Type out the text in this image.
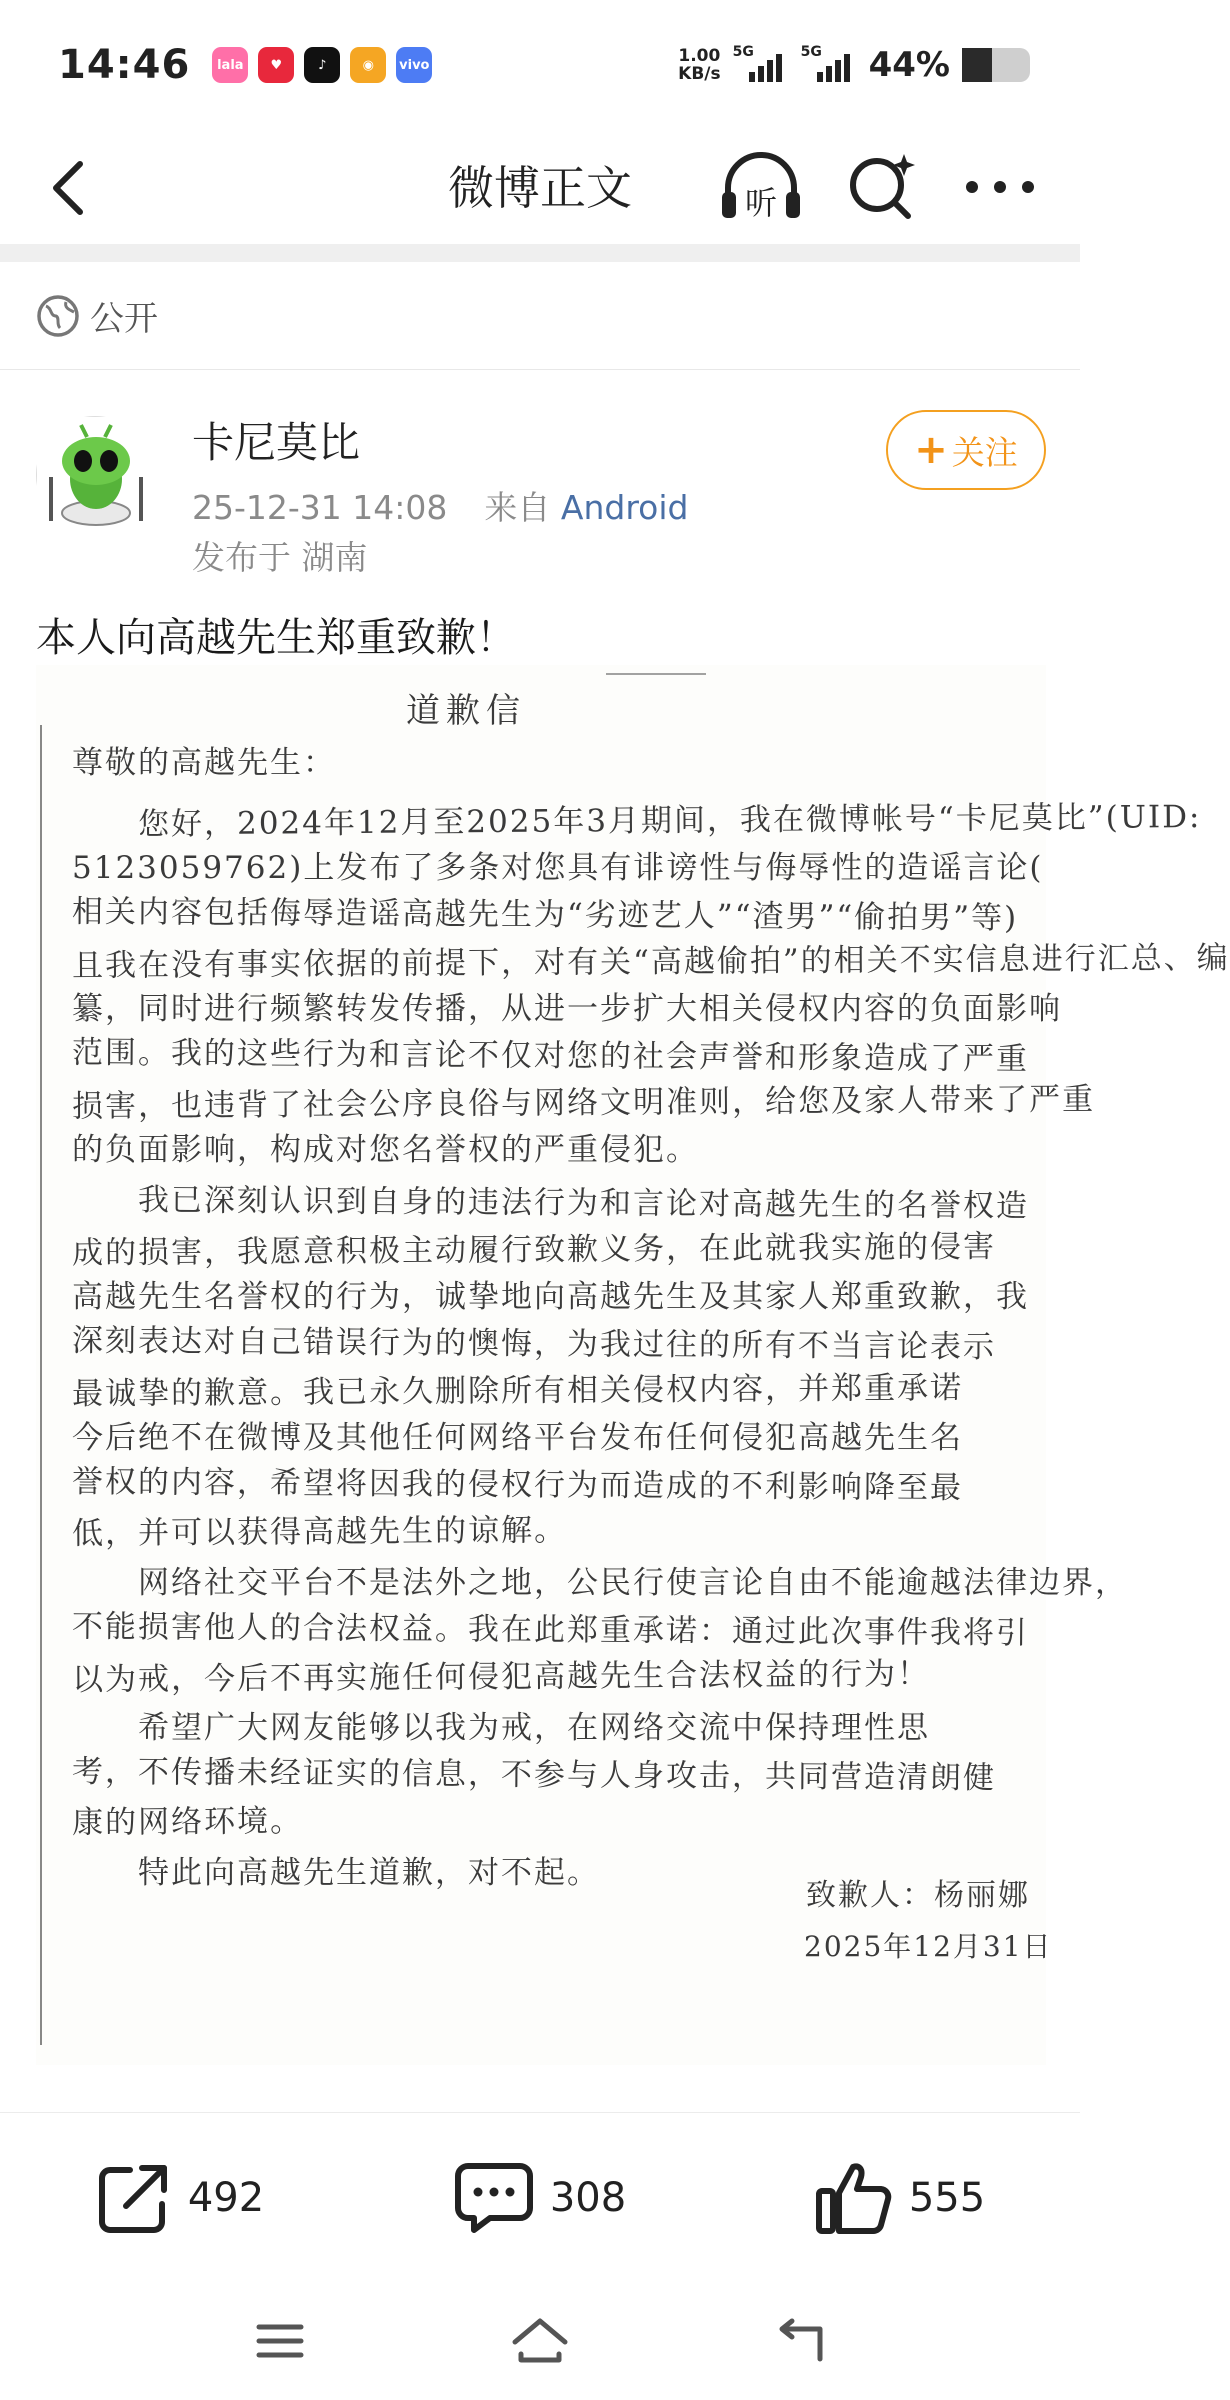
14:46	lala	♥	♪	◉	vivo	1.00
KB/s
5G	5G 44%
微博正文	听
公开
卡尼莫比
25-12-31 14:08 来自 Android
发布于 湖南
+ 关注
本人向高越先生郑重致歉！
道歉信
尊敬的高越先生：
　　您好，2024年12月至2025年3月期间，我在微博帐号“卡尼莫比”(UID:
5123059762)上发布了多条对您具有诽谤性与侮辱性的造谣言论(
相关内容包括侮辱造谣高越先生为“劣迹艺人”“渣男”“偷拍男”等)
且我在没有事实依据的前提下，对有关“高越偷拍”的相关不实信息进行汇总、编
纂，同时进行频繁转发传播，从进一步扩大相关侵权内容的负面影响
范围。我的这些行为和言论不仅对您的社会声誉和形象造成了严重
损害，也违背了社会公序良俗与网络文明准则，给您及家人带来了严重
的负面影响，构成对您名誉权的严重侵犯。
　　我已深刻认识到自身的违法行为和言论对高越先生的名誉权造
成的损害，我愿意积极主动履行致歉义务，在此就我实施的侵害
高越先生名誉权的行为，诚挚地向高越先生及其家人郑重致歉，我
深刻表达对自己错误行为的懊悔，为我过往的所有不当言论表示
最诚挚的歉意。我已永久删除所有相关侵权内容，并郑重承诺
今后绝不在微博及其他任何网络平台发布任何侵犯高越先生名
誉权的内容，希望将因我的侵权行为而造成的不利影响降至最
低，并可以获得高越先生的谅解。
　　网络社交平台不是法外之地，公民行使言论自由不能逾越法律边界，
不能损害他人的合法权益。我在此郑重承诺：通过此次事件我将引
以为戒，今后不再实施任何侵犯高越先生合法权益的行为！
　　希望广大网友能够以我为戒，在网络交流中保持理性思
考，不传播未经证实的信息，不参与人身攻击，共同营造清朗健
康的网络环境。
　　特此向高越先生道歉，对不起。
致歉人：杨丽娜
2025年12月31日
492	308	555
